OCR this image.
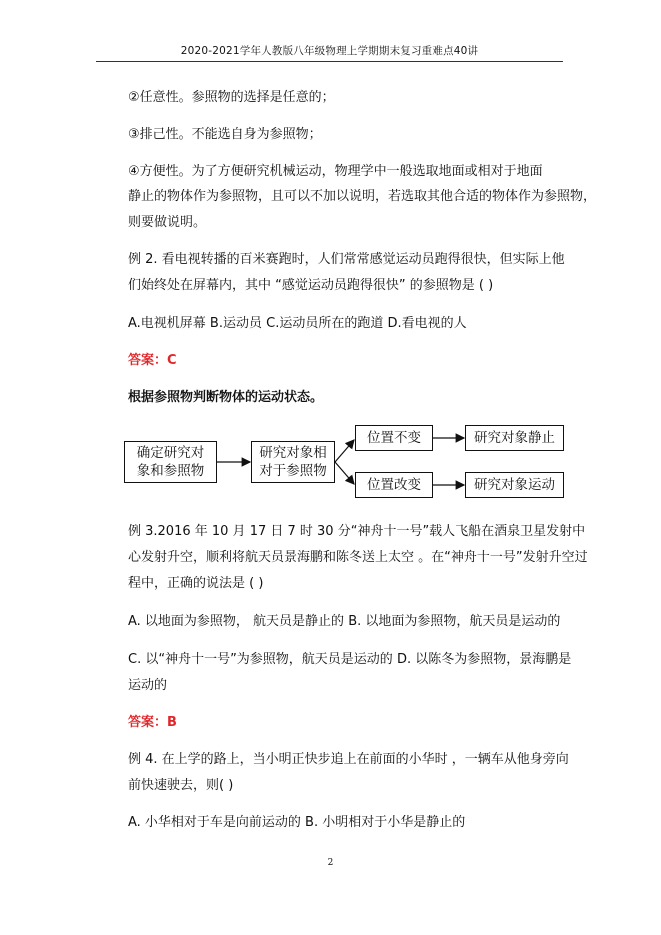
2020-2021学年人教版八年级物理上学期期末复习重难点40讲
②任意性。参照物的选择是任意的；
③排己性。不能选自身为参照物；
④方便性。为了方便研究机械运动，物理学中一般选取地面或相对于地面
静止的物体作为参照物，且可以不加以说明，若选取其他合适的物体作为参照物，
则要做说明。
例 2. 看电视转播的百米赛跑时，人们常常感觉运动员跑得很快，但实际上他
们始终处在屏幕内，其中 “感觉运动员跑得很快” 的参照物是 ( )
A.电视机屏幕 B.运动员 C.运动员所在的跑道 D.看电视的人
答案：C
根据参照物判断物体的运动状态。
确定研究对
象和参照物
研究对象相
对于参照物
位置不变
位置改变
研究对象静止
研究对象运动
例 3.2016 年 10 月 17 日 7 时 30 分“神舟十一号”载人飞船在酒泉卫星发射中
心发射升空，顺利将航天员景海鹏和陈冬送上太空 。在“神舟十一号”发射升空过
程中，正确的说法是 ( )
A. 以地面为参照物， 航天员是静止的 B. 以地面为参照物，航天员是运动的
C. 以“神舟十一号”为参照物，航天员是运动的 D. 以陈冬为参照物，景海鹏是
运动的
答案：B
例 4. 在上学的路上，当小明正快步追上在前面的小华时 ，一辆车从他身旁向
前快速驶去，则( )
A. 小华相对于车是向前运动的 B. 小明相对于小华是静止的
2
